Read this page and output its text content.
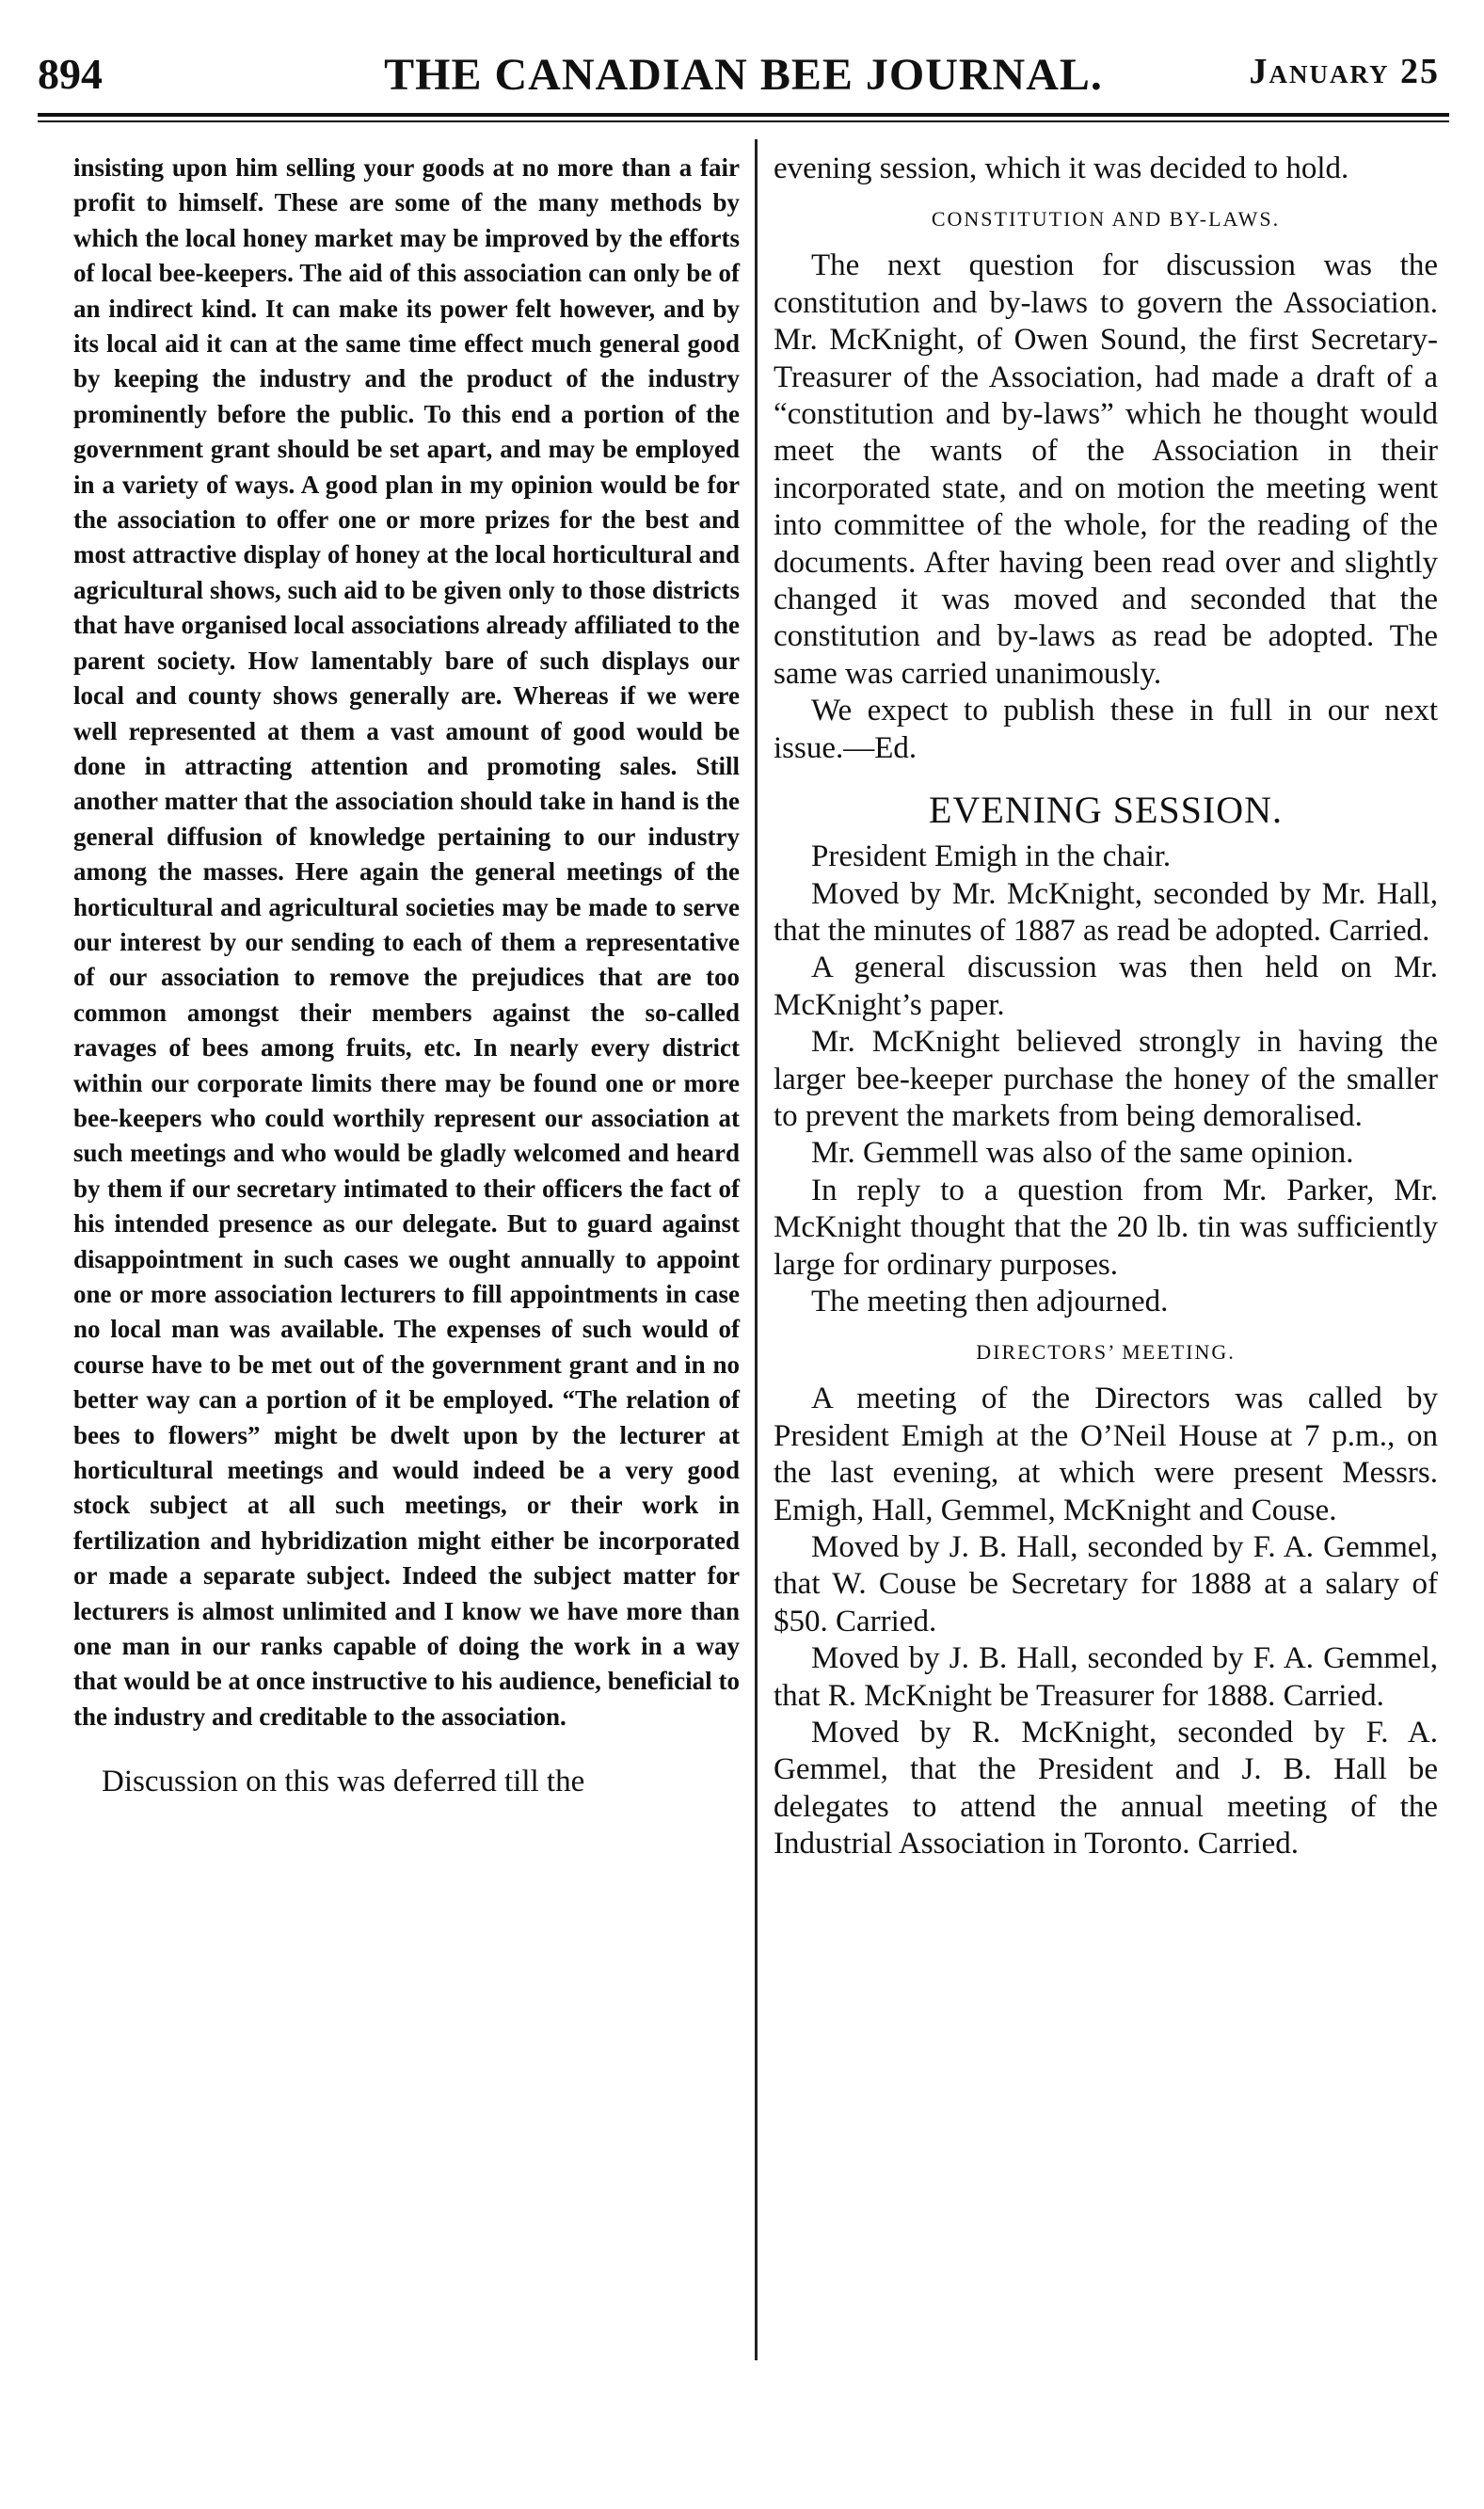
894	THE CANADIAN BEE JOURNAL.	January 25

insisting upon him selling your goods at no more than a fair profit to himself. These are some of the many methods by which the local honey market may be improved by the efforts of local bee-keepers. The aid of this association can only be of an indirect kind. It can make its power felt however, and by its local aid it can at the same time effect much general good by keeping the industry and the product of the industry prominently before the public. To this end a portion of the government grant should be set apart, and may be employed in a variety of ways. A good plan in my opinion would be for the association to offer one or more prizes for the best and most attractive display of honey at the local horticultural and agricultural shows, such aid to be given only to those districts that have organised local associations already affiliated to the parent society. How lamentably bare of such displays our local and county shows generally are. Whereas if we were well represented at them a vast amount of good would be done in attracting attention and promoting sales. Still another matter that the association should take in hand is the general diffusion of knowledge pertaining to our industry among the masses. Here again the general meetings of the horticultural and agricultural societies may be made to serve our interest by our sending to each of them a representative of our association to remove the prejudices that are too common amongst their members against the so-called ravages of bees among fruits, etc. In nearly every district within our corporate limits there may be found one or more bee-keepers who could worthily represent our association at such meetings and who would be gladly welcomed and heard by them if our secretary intimated to their officers the fact of his intended presence as our delegate. But to guard against disappointment in such cases we ought annually to appoint one or more association lecturers to fill appointments in case no local man was available. The expenses of such would of course have to be met out of the government grant and in no better way can a portion of it be employed. “The relation of bees to flowers” might be dwelt upon by the lecturer at horticultural meetings and would indeed be a very good stock subject at all such meetings, or their work in fertilization and hybridization might either be incorporated or made a separate subject. Indeed the subject matter for lecturers is almost unlimited and I know we have more than one man in our ranks capable of doing the work in a way that would be at once instructive to his audience, beneficial to the industry and creditable to the association.

Discussion on this was deferred till the

evening session, which it was decided to hold.

CONSTITUTION AND BY-LAWS.

The next question for discussion was the constitution and by-laws to govern the Association. Mr. McKnight, of Owen Sound, the first Secretary-Treasurer of the Association, had made a draft of a “constitution and by-laws” which he thought would meet the wants of the Association in their incorporated state, and on motion the meeting went into committee of the whole, for the reading of the documents. After having been read over and slightly changed it was moved and seconded that the constitution and by-laws as read be adopted. The same was carried unanimously.

We expect to publish these in full in our next issue.—Ed.

EVENING SESSION.

President Emigh in the chair.

Moved by Mr. McKnight, seconded by Mr. Hall, that the minutes of 1887 as read be adopted. Carried.

A general discussion was then held on Mr. McKnight’s paper.

Mr. McKnight believed strongly in having the larger bee-keeper purchase the honey of the smaller to prevent the markets from being demoralised.

Mr. Gemmell was also of the same opinion.

In reply to a question from Mr. Parker, Mr. McKnight thought that the 20 lb. tin was sufficiently large for ordinary purposes.

The meeting then adjourned.

DIRECTORS’ MEETING.

A meeting of the Directors was called by President Emigh at the O’Neil House at 7 p.m., on the last evening, at which were present Messrs. Emigh, Hall, Gemmel, McKnight and Couse.

Moved by J. B. Hall, seconded by F. A. Gemmel, that W. Couse be Secretary for 1888 at a salary of $50. Carried.

Moved by J. B. Hall, seconded by F. A. Gemmel, that R. McKnight be Treasurer for 1888. Carried.

Moved by R. McKnight, seconded by F. A. Gemmel, that the President and J. B. Hall be delegates to attend the annual meeting of the Industrial Association in Toronto. Carried.
